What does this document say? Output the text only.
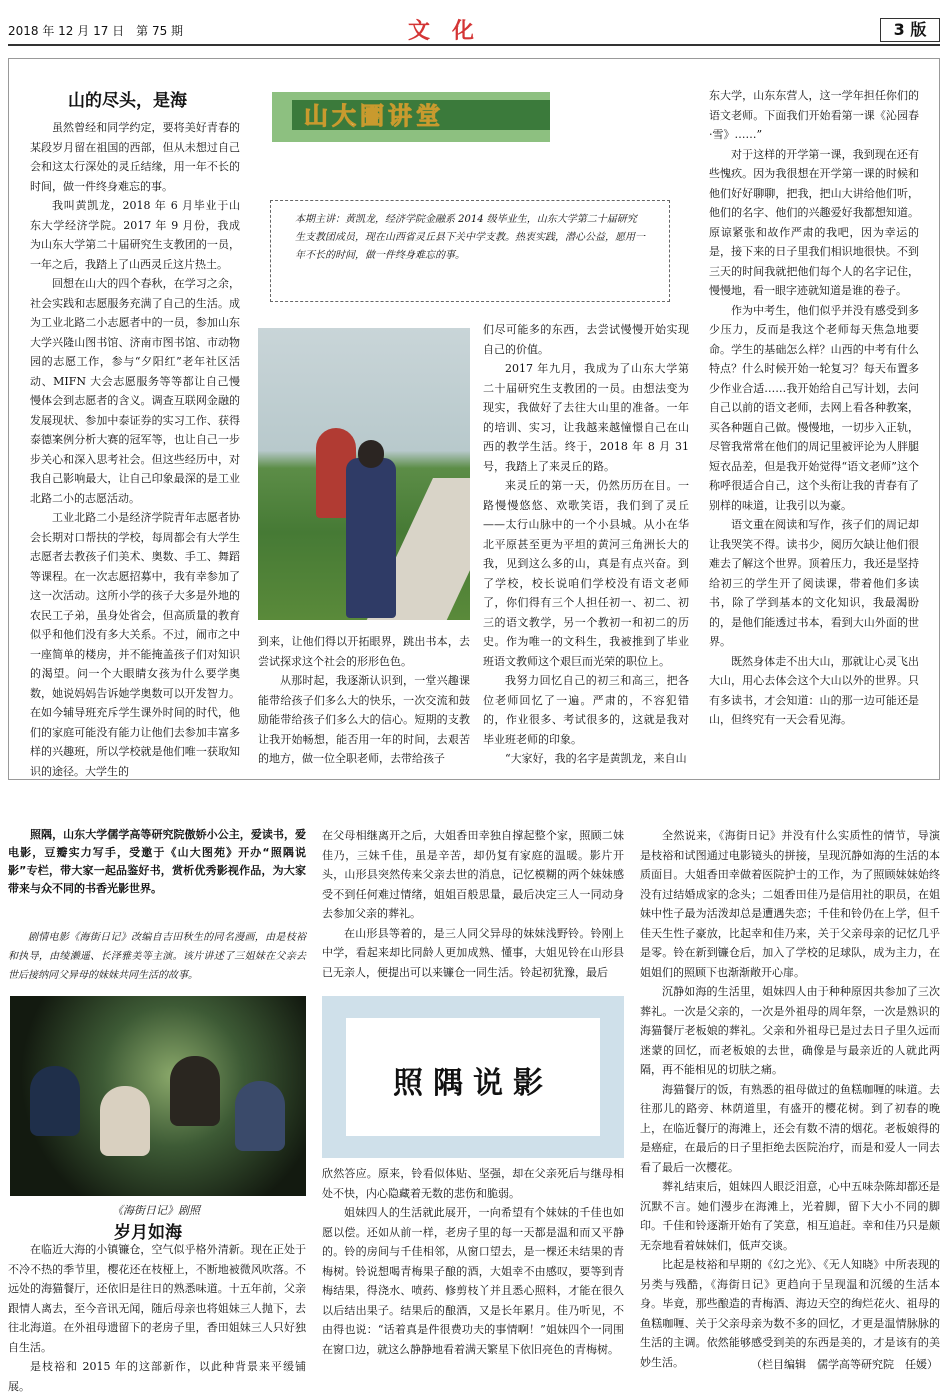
2018 年 12 月 17 日　第 75 期	文化	3 版
山的尽头，是海

虽然曾经和同学约定，要将美好青春的某段岁月留在祖国的西部，但从未想过自己会和这太行深处的灵丘结缘，用一年不长的时间，做一件终身难忘的事。

我叫黄凯龙，2018 年 6 月毕业于山东大学经济学院。2017 年 9 月份，我成为山东大学第二十届研究生支教团的一员，一年之后，我踏上了山西灵丘这片热土。

回想在山大的四个春秋，在学习之余，社会实践和志愿服务充满了自己的生活。成为工业北路二小志愿者中的一员，参加山东大学兴隆山图书馆、济南市图书馆、市动物园的志愿工作，参与“夕阳红”老年社区活动、MIFN 大会志愿服务等等都让自己慢慢体会到志愿者的含义。调查互联网金融的发展现状、参加中泰证券的实习工作、获得泰德案例分析大赛的冠军等，也让自己一步步关心和深入思考社会。但这些经历中，对我自己影响最大，让自己印象最深的是工业北路二小的志愿活动。

工业北路二小是经济学院青年志愿者协会长期对口帮扶的学校，每周都会有大学生志愿者去教孩子们美术、奥数、手工、舞蹈等课程。在一次志愿招募中，我有幸参加了这一次活动。这所小学的孩子大多是外地的农民工子弟，虽身处省会，但高质量的教育似乎和他们没有多大关系。不过，闹市之中一座简单的楼房，并不能掩盖孩子们对知识的渴望。问一个大眼睛女孩为什么要学奥数，她说妈妈告诉她学奥数可以开发智力。在如今辅导班充斥学生课外时间的时代，他们的家庭可能没有能力让他们去参加丰富多样的兴趣班，所以学校就是他们唯一获取知识的途径。大学生的

山大圕讲堂

本期主讲：黄凯龙，经济学院金融系 2014 级毕业生，山东大学第二十届研究生支教团成员，现在山西省灵丘县下关中学支教。热衷实践，潜心公益，愿用一年不长的时间，做一件终身难忘的事。

到来，让他们得以开拓眼界，跳出书本，去尝试探求这个社会的形形色色。

从那时起，我逐渐认识到，一堂兴趣课能带给孩子们多么大的快乐，一次交流和鼓励能带给孩子们多么大的信心。短期的支教让我开始畅想，能否用一年的时间，去艰苦的地方，做一位全职老师，去带给孩子

们尽可能多的东西，去尝试慢慢开始实现自己的价值。

2017 年九月，我成为了山东大学第二十届研究生支教团的一员。由想法变为现实，我做好了去往大山里的准备。一年的培训、实习，让我越来越憧憬自己在山西的教学生活。终于，2018 年 8 月 31 号，我踏上了来灵丘的路。

来灵丘的第一天，仍然历历在目。一路慢慢悠悠、欢歌笑语，我们到了灵丘——太行山脉中的一个小县城。从小在华北平原甚至更为平坦的黄河三角洲长大的我，见到这么多的山，真是有点兴奋。到了学校，校长说咱们学校没有语文老师了，你们得有三个人担任初一、初二、初三的语文教学，另一个教初一和初二的历史。作为唯一的文科生，我被推到了毕业班语文教师这个艰巨而光荣的职位上。

我努力回忆自己的初三和高三，把各位老师回忆了一遍。严肃的，不容犯错的，作业很多、考试很多的，这就是我对毕业班老师的印象。

“大家好，我的名字是黄凯龙，来自山

东大学，山东东营人，这一学年担任你们的语文老师。下面我们开始看第一课《沁园春·雪》……”

对于这样的开学第一课，我到现在还有些愧疚。因为我很想在开学第一课的时候和他们好好聊聊，把我，把山大讲给他们听，他们的名字、他们的兴趣爱好我都想知道。原谅紧张和故作严肃的我吧，因为幸运的是，接下来的日子里我们相识地很快。不到三天的时间我就把他们每个人的名字记住，慢慢地，看一眼字迹就知道是谁的卷子。

作为中考生，他们似乎并没有感受到多少压力，反而是我这个老师每天焦急地要命。学生的基础怎么样？山西的中考有什么特点？什么时候开始一轮复习？每天布置多少作业合适……我开始给自己写计划，去问自己以前的语文老师，去网上看各种教案，买各种题自己做。慢慢地，一切步入正轨，尽管我常常在他们的周记里被评论为人胖腿短衣品差，但是我开始觉得“语文老师”这个称呼很适合自己，这个头衔让我的青春有了别样的味道，让我引以为豪。

语文重在阅读和写作，孩子们的周记却让我哭笑不得。读书少，阅历欠缺让他们很难去了解这个世界。顶着压力，我还是坚持给初三的学生开了阅读课，带着他们多读书，除了学到基本的文化知识，我最渴盼的，是他们能透过书本，看到大山外面的世界。

既然身体走不出大山，那就让心灵飞出大山，用心去体会这个大山以外的世界。只有多读书，才会知道：山的那一边可能还是山，但终究有一天会看见海。

照隅，山东大学儒学高等研究院傲娇小公主，爱读书，爱电影，豆瓣实力写手，受邀于《山大图苑》开办“照隅说影”专栏，带大家一起品鉴好书，赏析优秀影视作品，为大家带来与众不同的书香光影世界。

剧情电影《海街日记》改编自吉田秋生的同名漫画，由是枝裕和执导，由绫濑遥、长泽雅美等主演。该片讲述了三姐妹在父亲去世后接纳同父异母的妹妹共同生活的故事。

《海街日记》剧照
岁月如海

在临近大海的小镇镰仓，空气似乎格外清新。现在正处于不冷不热的季节里，樱花还在枝桠上，不断地被微风吹落。不远处的海猫餐厅，还依旧是往日的熟悉味道。十五年前，父亲跟情人离去，至今音讯无闻，随后母亲也将姐妹三人抛下，去往北海道。在外祖母遗留下的老房子里，香田姐妹三人只好独自生活。

是枝裕和 2015 年的这部新作，以此种背景来平缓铺展。

在父母相继离开之后，大姐香田幸独自撑起整个家，照顾二妹佳乃，三妹千佳，虽是辛苦，却仍复有家庭的温暖。影片开头，山形县突然传来父亲去世的消息，记忆模糊的两个妹妹感受不到任何难过情绪，姐姐百般思量，最后决定三人一同动身去参加父亲的葬礼。

在山形县等着的，是三人同父异母的妹妹浅野铃。铃刚上中学，看起来却比同龄人更加成熟、懂事，大姐见铃在山形县已无亲人，便提出可以来镰仓一同生活。铃起初犹豫，最后

照隅说影

欣然答应。原来，铃看似体贴、坚强，却在父亲死后与继母相处不快，内心隐藏着无数的悲伤和脆弱。

姐妹四人的生活就此展开，一向希望有个妹妹的千佳也如愿以偿。还如从前一样，老房子里的每一天都是温和而又平静的。铃的房间与千佳相邻，从窗口望去，是一棵还未结果的青梅树。铃说想喝青梅果子酿的酒，大姐幸不由感叹，要等到青梅结果，得浇水、喷药、修剪枝丫并且悉心照料，才能在很久以后结出果子。结果后的酿酒，又是长年累月。佳乃听见，不由得也说：“话着真是件很费功夫的事情啊！”姐妹四个一同围在窗口边，就这么静静地看着满天繁星下依旧亮色的青梅树。

全然说来，《海街日记》并没有什么实质性的情节，导演是枝裕和试图通过电影镜头的拼接，呈现沉静如海的生活的本质面目。大姐香田幸做着医院护士的工作，为了照顾妹妹始终没有过结婚成家的念头；二姐香田佳乃是信用社的职员，在姐妹中性子最为活泼却总是遭遇失恋；千佳和铃仍在上学，但千佳天生性子豪放，比起幸和佳乃来，关于父亲母亲的记忆几乎是零。铃在新到镰仓后，加入了学校的足球队，成为主力，在姐姐们的照顾下也渐渐敞开心扉。

沉静如海的生活里，姐妹四人由于种种原因共参加了三次葬礼。一次是父亲的，一次是外祖母的周年祭，一次是熟识的海猫餐厅老板娘的葬礼。父亲和外祖母已是过去日子里久远而迷蒙的回忆，而老板娘的去世，确像是与最亲近的人就此两隔，再不能相见的切肤之痛。

海猫餐厅的饭，有熟悉的祖母做过的鱼糕咖喱的味道。去往那儿的路旁、林荫道里，有盛开的樱花树。到了初春的晚上，在临近餐厅的海滩上，还会有数不清的烟花。老板娘得的是癌症，在最后的日子里拒绝去医院治疗，而是和爱人一同去看了最后一次樱花。

葬礼结束后，姐妹四人眼泛泪意，心中五味杂陈却都还是沉默不言。她们漫步在海滩上，光着脚，留下大小不同的脚印。千佳和铃逐渐开始有了笑意，相互追赶。幸和佳乃只是颇无奈地看着妹妹们，低声交谈。

比起是枝裕和早期的《幻之光》、《无人知晓》中所表现的另类与残酷，《海街日记》更趋向于呈现温和沉缓的生活本身。毕竟，那些酿造的青梅酒、海边天空的绚烂花火、祖母的鱼糕咖喱、关于父亲母亲为数不多的回忆，才更是温情脉脉的生活的主调。依然能够感受到美的东西是美的，才是该有的美妙生活。	（栏目编辑　儒学高等研究院　任媛）
